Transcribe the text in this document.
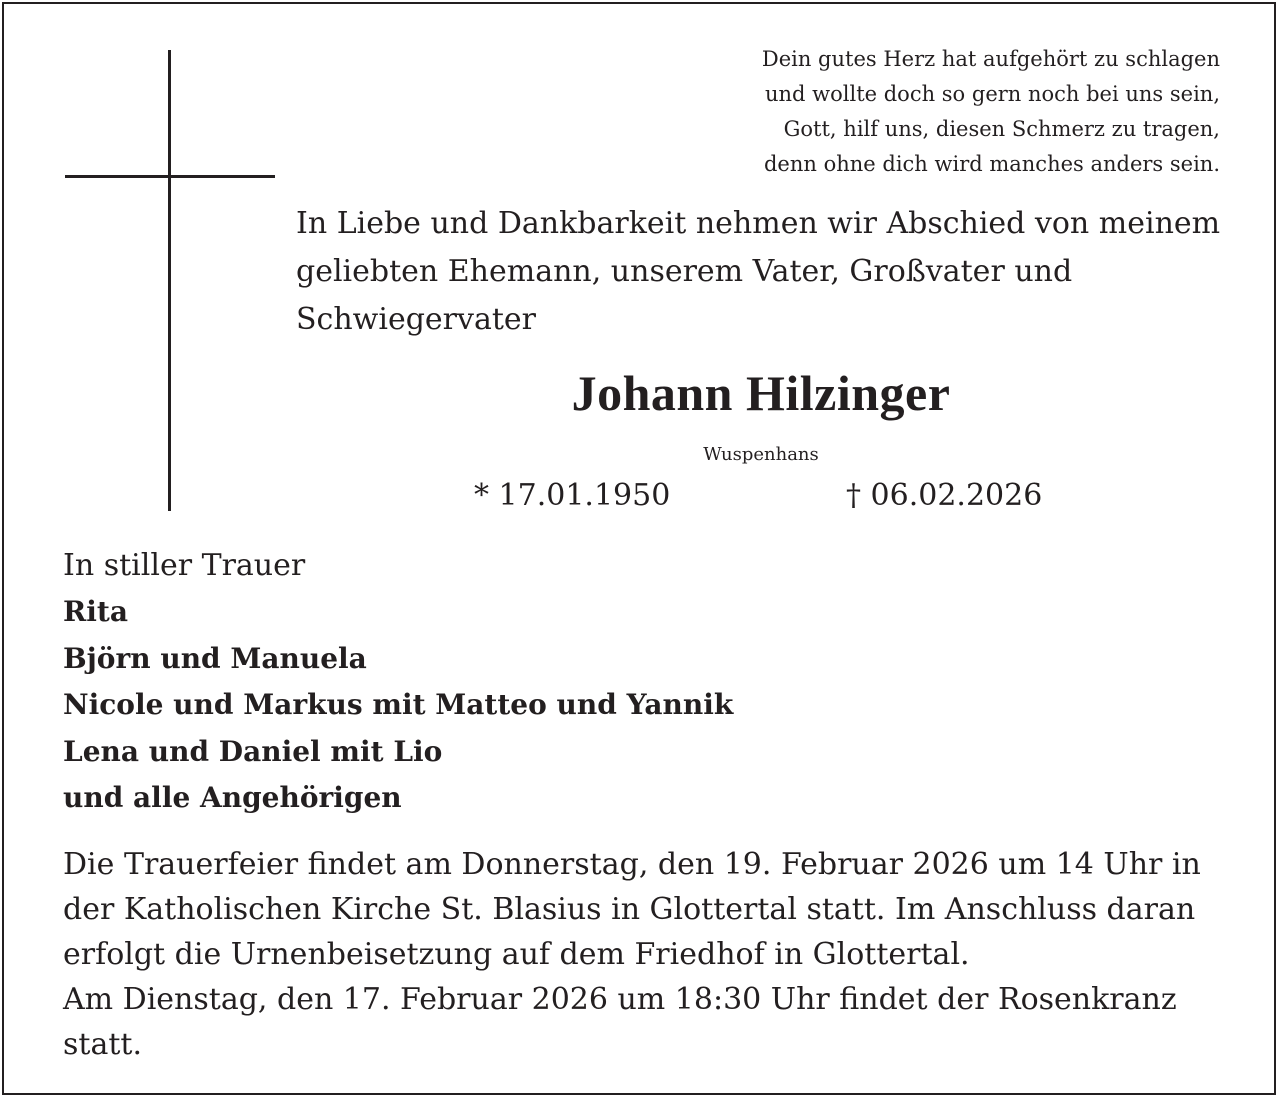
Dein gutes Herz hat aufgehört zu schlagen
und wollte doch so gern noch bei uns sein,
Gott, hilf uns, diesen Schmerz zu tragen,
denn ohne dich wird manches anders sein.

In Liebe und Dankbarkeit nehmen wir Abschied von meinem geliebten Ehemann, unserem Vater, Großvater und Schwiegervater

Johann Hilzinger

Wuspenhans

* 17.01.1950	† 06.02.2026

In stiller Trauer

Rita
Björn und Manuela
Nicole und Markus mit Matteo und Yannik
Lena und Daniel mit Lio
und alle Angehörigen
Die Trauerfeier findet am Donnerstag, den 19. Februar 2026 um 14 Uhr in der Katholischen Kirche St. Blasius in Glottertal statt. Im Anschluss daran erfolgt die Urnenbeisetzung auf dem Friedhof in Glottertal.
Am Dienstag, den 17. Februar 2026 um 18:30 Uhr findet der Rosenkranz statt.
